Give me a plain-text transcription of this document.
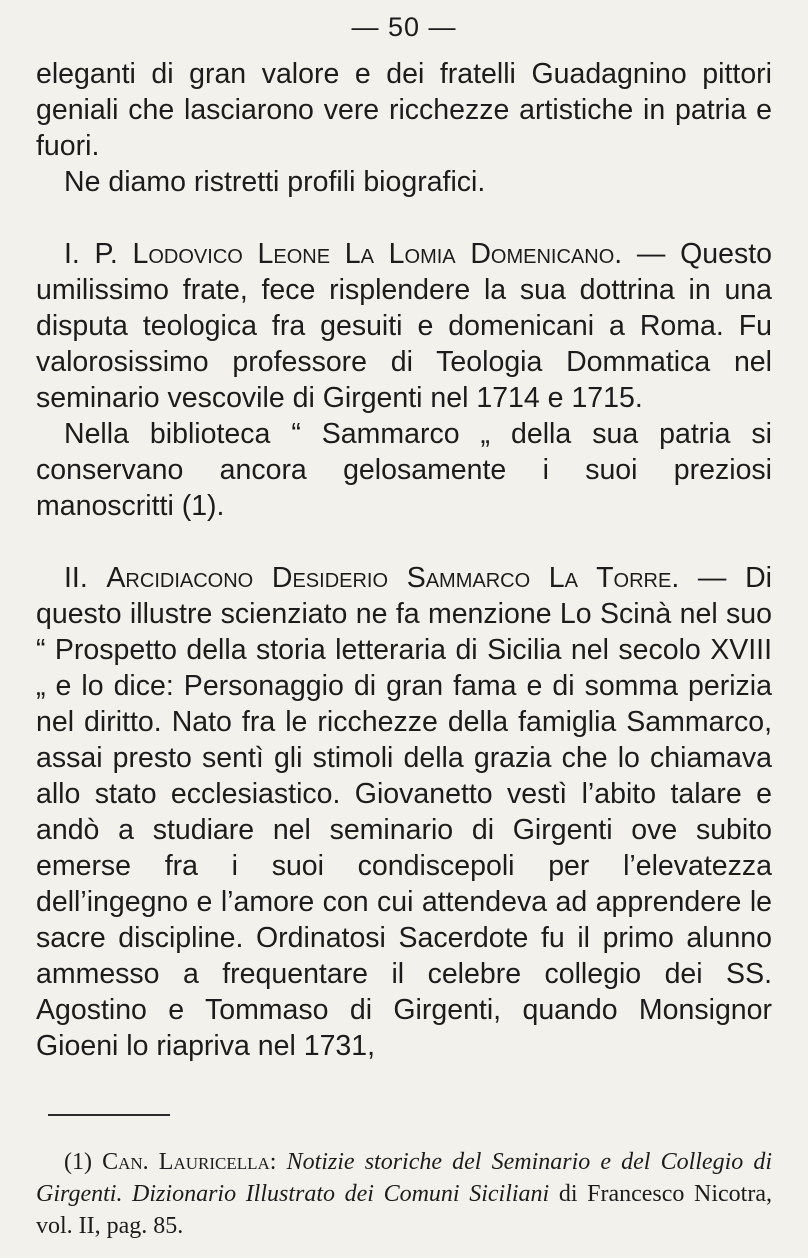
— 50 —

eleganti di gran valore e dei fratelli Guadagnino pittori geniali che lasciarono vere ricchezze artistiche in patria e fuori.

Ne diamo ristretti profili biografici.

I. P. Lodovico Leone La Lomia Domenicano. — Questo umilissimo frate, fece risplendere la sua dottrina in una disputa teologica fra gesuiti e domenicani a Roma. Fu valorosissimo professore di Teologia Dommatica nel seminario vescovile di Girgenti nel 1714 e 1715.

Nella biblioteca “ Sammarco „ della sua patria si conservano ancora gelosamente i suoi preziosi manoscritti (1).

II. Arcidiacono Desiderio Sammarco La Torre. — Di questo illustre scienziato ne fa menzione Lo Scinà nel suo “ Prospetto della storia letteraria di Sicilia nel secolo XVIII „ e lo dice: Personaggio di gran fama e di somma perizia nel diritto. Nato fra le ricchezze della famiglia Sammarco, assai presto sentì gli stimoli della grazia che lo chiamava allo stato ecclesiastico. Giovanetto vestì l’abito talare e andò a studiare nel seminario di Girgenti ove subito emerse fra i suoi condiscepoli per l’elevatezza dell’ingegno e l’amore con cui attendeva ad apprendere le sacre discipline. Ordinatosi Sacerdote fu il primo alunno ammesso a frequentare il celebre collegio dei SS. Agostino e Tommaso di Girgenti, quando Monsignor Gioeni lo riapriva nel 1731,

(1) Can. Lauricella: Notizie storiche del Seminario e del Collegio di Girgenti. Dizionario Illustrato dei Comuni Siciliani di Francesco Nicotra, vol. II, pag. 85.
